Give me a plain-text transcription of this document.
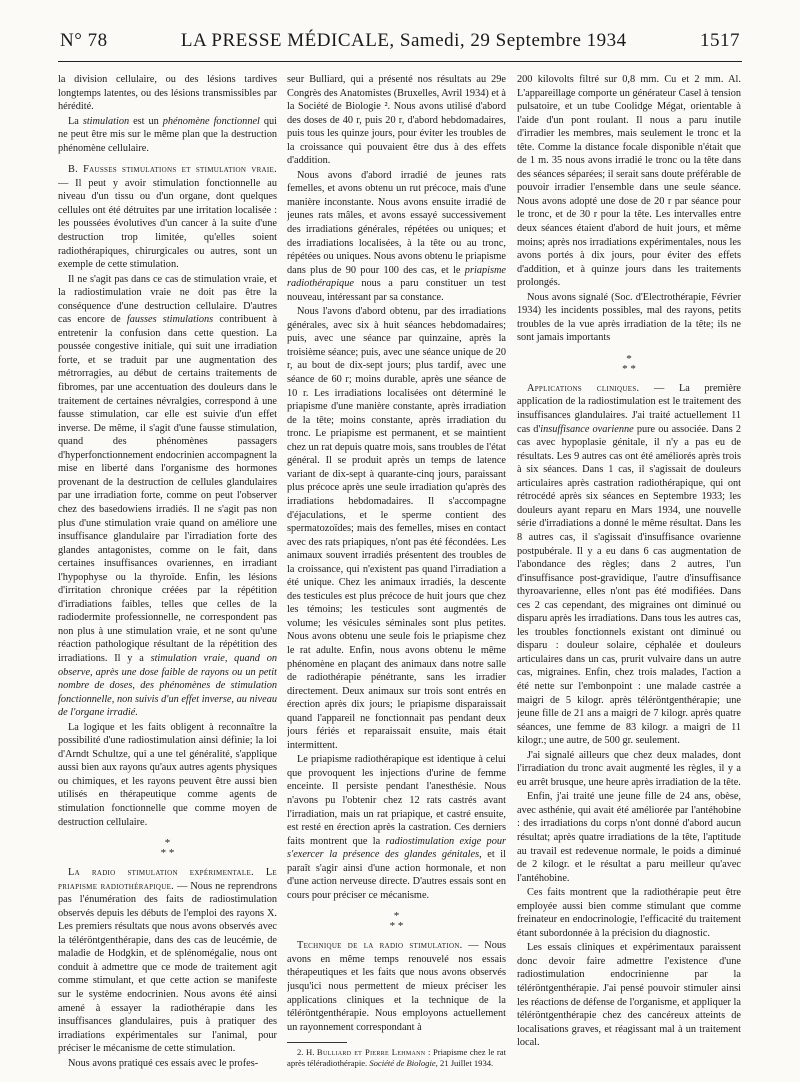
N° 78	LA PRESSE MÉDICALE, Samedi, 29 Septembre 1934	1517

la division cellulaire, ou des lésions tardives longtemps latentes, ou des lésions transmissibles par hérédité.

La stimulation est un phénomène fonctionnel qui ne peut être mis sur le même plan que la destruction phénomène cellulaire.

B. Fausses stimulations et stimulation vraie. — Il peut y avoir stimulation fonctionnelle au niveau d'un tissu ou d'un organe, dont quelques cellules ont été détruites par une irritation localisée : les poussées évolutives d'un cancer à la suite d'une destruction trop limitée, qu'elles soient radiothérapiques, chirurgicales ou autres, sont un exemple de cette stimulation.

Il ne s'agit pas dans ce cas de stimulation vraie, et la radiostimulation vraie ne doit pas être la conséquence d'une destruction cellulaire. D'autres cas encore de fausses stimulations contribuent à entretenir la confusion dans cette question. La poussée congestive initiale, qui suit une irradiation forte, et se traduit par une augmentation des métrorragies, au début de certains traitements de fibromes, par une accentuation des douleurs dans le traitement de certaines névralgies, correspond à une fausse stimulation, car elle est suivie d'un effet inverse. De même, il s'agit d'une fausse stimulation, quand des phénomènes passagers d'hyperfonctionnement endocrinien accompagnent la mise en liberté dans l'organisme des hormones provenant de la destruction de cellules glandulaires par une irradiation forte, comme on peut l'observer chez des basedowiens irradiés. Il ne s'agit pas non plus d'une stimulation vraie quand on améliore une insuffisance glandulaire par l'irradiation forte des glandes antagonistes, comme on le fait, dans certaines insuffisances ovariennes, en irradiant l'hypophyse ou la thyroïde. Enfin, les lésions d'irritation chronique créées par la répétition d'irradiations faibles, telles que celles de la radiodermite professionnelle, ne correspondent pas non plus à une stimulation vraie, et ne sont qu'une réaction pathologique résultant de la répétition des irradiations. Il y a stimulation vraie, quand on observe, après une dose faible de rayons ou un petit nombre de doses, des phénomènes de stimulation fonctionnelle, non suivis d'un effet inverse, au niveau de l'organe irradié.

La logique et les faits obligent à reconnaître la possibilité d'une radiostimulation ainsi définie; la loi d'Arndt Schultze, qui a une tel généralité, s'applique aussi bien aux rayons qu'aux autres agents physiques ou chimiques, et les rayons peuvent être aussi bien utilisés en thérapeutique comme agents de stimulation fonctionnelle que comme moyen de destruction cellulaire.

*
* *

La radio stimulation expérimentale. Le priapisme radiothérapique. — Nous ne reprendrons pas l'énumération des faits de radiostimulation observés depuis les débuts de l'emploi des rayons X. Les premiers résultats que nous avons observés avec la téléröntgenthérapie, dans des cas de leucémie, de maladie de Hodgkin, et de splénomégalie, nous ont conduit à admettre que ce mode de traitement agit comme stimulant, et que cette action se manifeste sur le système endocrinien. Nous avons été ainsi amené à essayer la radiothérapie dans les insuffisances glandulaires, puis à pratiquer des irradiations expérimentales sur l'animal, pour préciser le mécanisme de cette stimulation.

Nous avons pratiqué ces essais avec le profes-

seur Bulliard, qui a présenté nos résultats au 29e Congrès des Anatomistes (Bruxelles, Avril 1934) et à la Société de Biologie ². Nous avons utilisé d'abord des doses de 40 r, puis 20 r, d'abord hebdomadaires, puis tous les quinze jours, pour éviter les troubles de la croissance qui pouvaient être dus à des effets d'addition.

Nous avons d'abord irradié de jeunes rats femelles, et avons obtenu un rut précoce, mais d'une manière inconstante. Nous avons ensuite irradié de jeunes rats mâles, et avons essayé successivement des irradiations générales, répétées ou uniques; et des irradiations localisées, à la tête ou au tronc, répétées ou uniques. Nous avons obtenu le priapisme dans plus de 90 pour 100 des cas, et le priapisme radiothérapique nous a paru constituer un test nouveau, intéressant par sa constance.

Nous l'avons d'abord obtenu, par des irradiations générales, avec six à huit séances hebdomadaires; puis, avec une séance par quinzaine, après la troisième séance; puis, avec une séance unique de 20 r, au bout de dix-sept jours; plus tardif, avec une séance de 60 r; moins durable, après une séance de 10 r. Les irradiations localisées ont déterminé le priapisme d'une manière constante, après irradiation de la tête; moins constante, après irradiation du tronc. Le priapisme est permanent, et se maintient chez un rat depuis quatre mois, sans troubles de l'état général. Il se produit après un temps de latence variant de dix-sept à quarante-cinq jours, paraissant plus précoce après une seule irradiation qu'après des irradiations hebdomadaires. Il s'accompagne d'éjaculations, et le sperme contient des spermatozoïdes; mais des femelles, mises en contact avec des rats priapiques, n'ont pas été fécondées. Les animaux souvent irradiés présentent des troubles de la croissance, qui n'existent pas quand l'irradiation a été unique. Chez les animaux irradiés, la descente des testicules est plus précoce de huit jours que chez les témoins; les testicules sont augmentés de volume; les vésicules séminales sont plus petites. Nous avons obtenu une seule fois le priapisme chez le rat adulte. Enfin, nous avons obtenu le même phénomène en plaçant des animaux dans notre salle de radiothérapie pénétrante, sans les irradier directement. Deux animaux sur trois sont entrés en érection après dix jours; le priapisme disparaissait quand l'appareil ne fonctionnait pas pendant deux jours fériés et reparaissait ensuite, mais était intermittent.

Le priapisme radiothérapique est identique à celui que provoquent les injections d'urine de femme enceinte. Il persiste pendant l'anesthésie. Nous n'avons pu l'obtenir chez 12 rats castrés avant l'irradiation, mais un rat priapique, et castré ensuite, est resté en érection après la castration. Ces derniers faits montrent que la radiostimulation exige pour s'exercer la présence des glandes génitales, et il paraît s'agir ainsi d'une action hormonale, et non d'une action nerveuse directe. D'autres essais sont en cours pour préciser ce mécanisme.

*
* *

Technique de la radio stimulation. — Nous avons en même temps renouvelé nos essais thérapeutiques et les faits que nous avons observés jusqu'ici nous permettent de mieux préciser les applications cliniques et la technique de la téléröntgenthérapie. Nous employons actuellement un rayonnement correspondant à

2. H. Bulliard et Pierre Lehmann : Priapisme chez le rat après téléradiothérapie. Société de Biologie, 21 Juillet 1934.

200 kilovolts filtré sur 0,8 mm. Cu et 2 mm. Al. L'appareillage comporte un générateur Casel à tension pulsatoire, et un tube Coolidge Mégat, orientable à l'aide d'un pont roulant. Il nous a paru inutile d'irradier les membres, mais seulement le tronc et la tête. Comme la distance focale disponible n'était que de 1 m. 35 nous avons irradié le tronc ou la tête dans des séances séparées; il serait sans doute préférable de pouvoir irradier l'ensemble dans une seule séance. Nous avons adopté une dose de 20 r par séance pour le tronc, et de 30 r pour la tête. Les intervalles entre deux séances étaient d'abord de huit jours, et même moins; après nos irradiations expérimentales, nous les avons portés à dix jours, pour éviter des effets d'addition, et à quinze jours dans les traitements prolongés.

Nous avons signalé (Soc. d'Electrothérapie, Février 1934) les incidents possibles, mal des rayons, petits troubles de la vue après irradiation de la tête; ils ne sont jamais importants

*
* *

Applications cliniques. — La première application de la radiostimulation est le traitement des insuffisances glandulaires. J'ai traité actuellement 11 cas d'insuffisance ovarienne pure ou associée. Dans 2 cas avec hypoplasie génitale, il n'y a pas eu de résultats. Les 9 autres cas ont été améliorés après trois à six séances. Dans 1 cas, il s'agissait de douleurs articulaires après castration radiothérapique, qui ont rétrocédé après six séances en Septembre 1933; les douleurs ayant reparu en Mars 1934, une nouvelle série d'irradiations a donné le même résultat. Dans les 8 autres cas, il s'agissait d'insuffisance ovarienne postpubérale. Il y a eu dans 6 cas augmentation de l'abondance des règles; dans 2 autres, l'un d'insuffisance post-gravidique, l'autre d'insuffisance thyroavarienne, elles n'ont pas été modifiées. Dans ces 2 cas cependant, des migraines ont diminué ou disparu après les irradiations. Dans tous les autres cas, les troubles fonctionnels existant ont diminué ou disparu : douleur solaire, céphalée et douleurs articulaires dans un cas, prurit vulvaire dans un autre cas, migraines. Enfin, chez trois malades, l'action a été nette sur l'embonpoint : une malade castrée a maigri de 5 kilogr. après téléröntgenthérapie; une jeune fille de 21 ans a maigri de 7 kilogr. après quatre séances, une femme de 83 kilogr. a maigri de 11 kilogr.; une autre, de 500 gr. seulement.

J'ai signalé ailleurs que chez deux malades, dont l'irradiation du tronc avait augmenté les règles, il y a eu arrêt brusque, une heure après irradiation de la tête.

Enfin, j'ai traité une jeune fille de 24 ans, obèse, avec asthénie, qui avait été améliorée par l'antéhobine : des irradiations du corps n'ont donné d'abord aucun résultat; après quatre irradiations de la tête, l'aptitude au travail est redevenue normale, le poids a diminué de 2 kilogr. et le résultat a paru meilleur qu'avec l'antéhobine.

Ces faits montrent que la radiothérapie peut être employée aussi bien comme stimulant que comme freinateur en endocrinologie, l'efficacité du traitement étant subordonnée à la précision du diagnostic.

Les essais cliniques et expérimentaux paraissent donc devoir faire admettre l'existence d'une radiostimulation endocrinienne par la téléröntgenthérapie. J'ai pensé pouvoir stimuler ainsi les réactions de défense de l'organisme, et appliquer la téléröntgenthérapie chez des cancéreux atteints de localisations graves, et réagissant mal à un traitement local.
